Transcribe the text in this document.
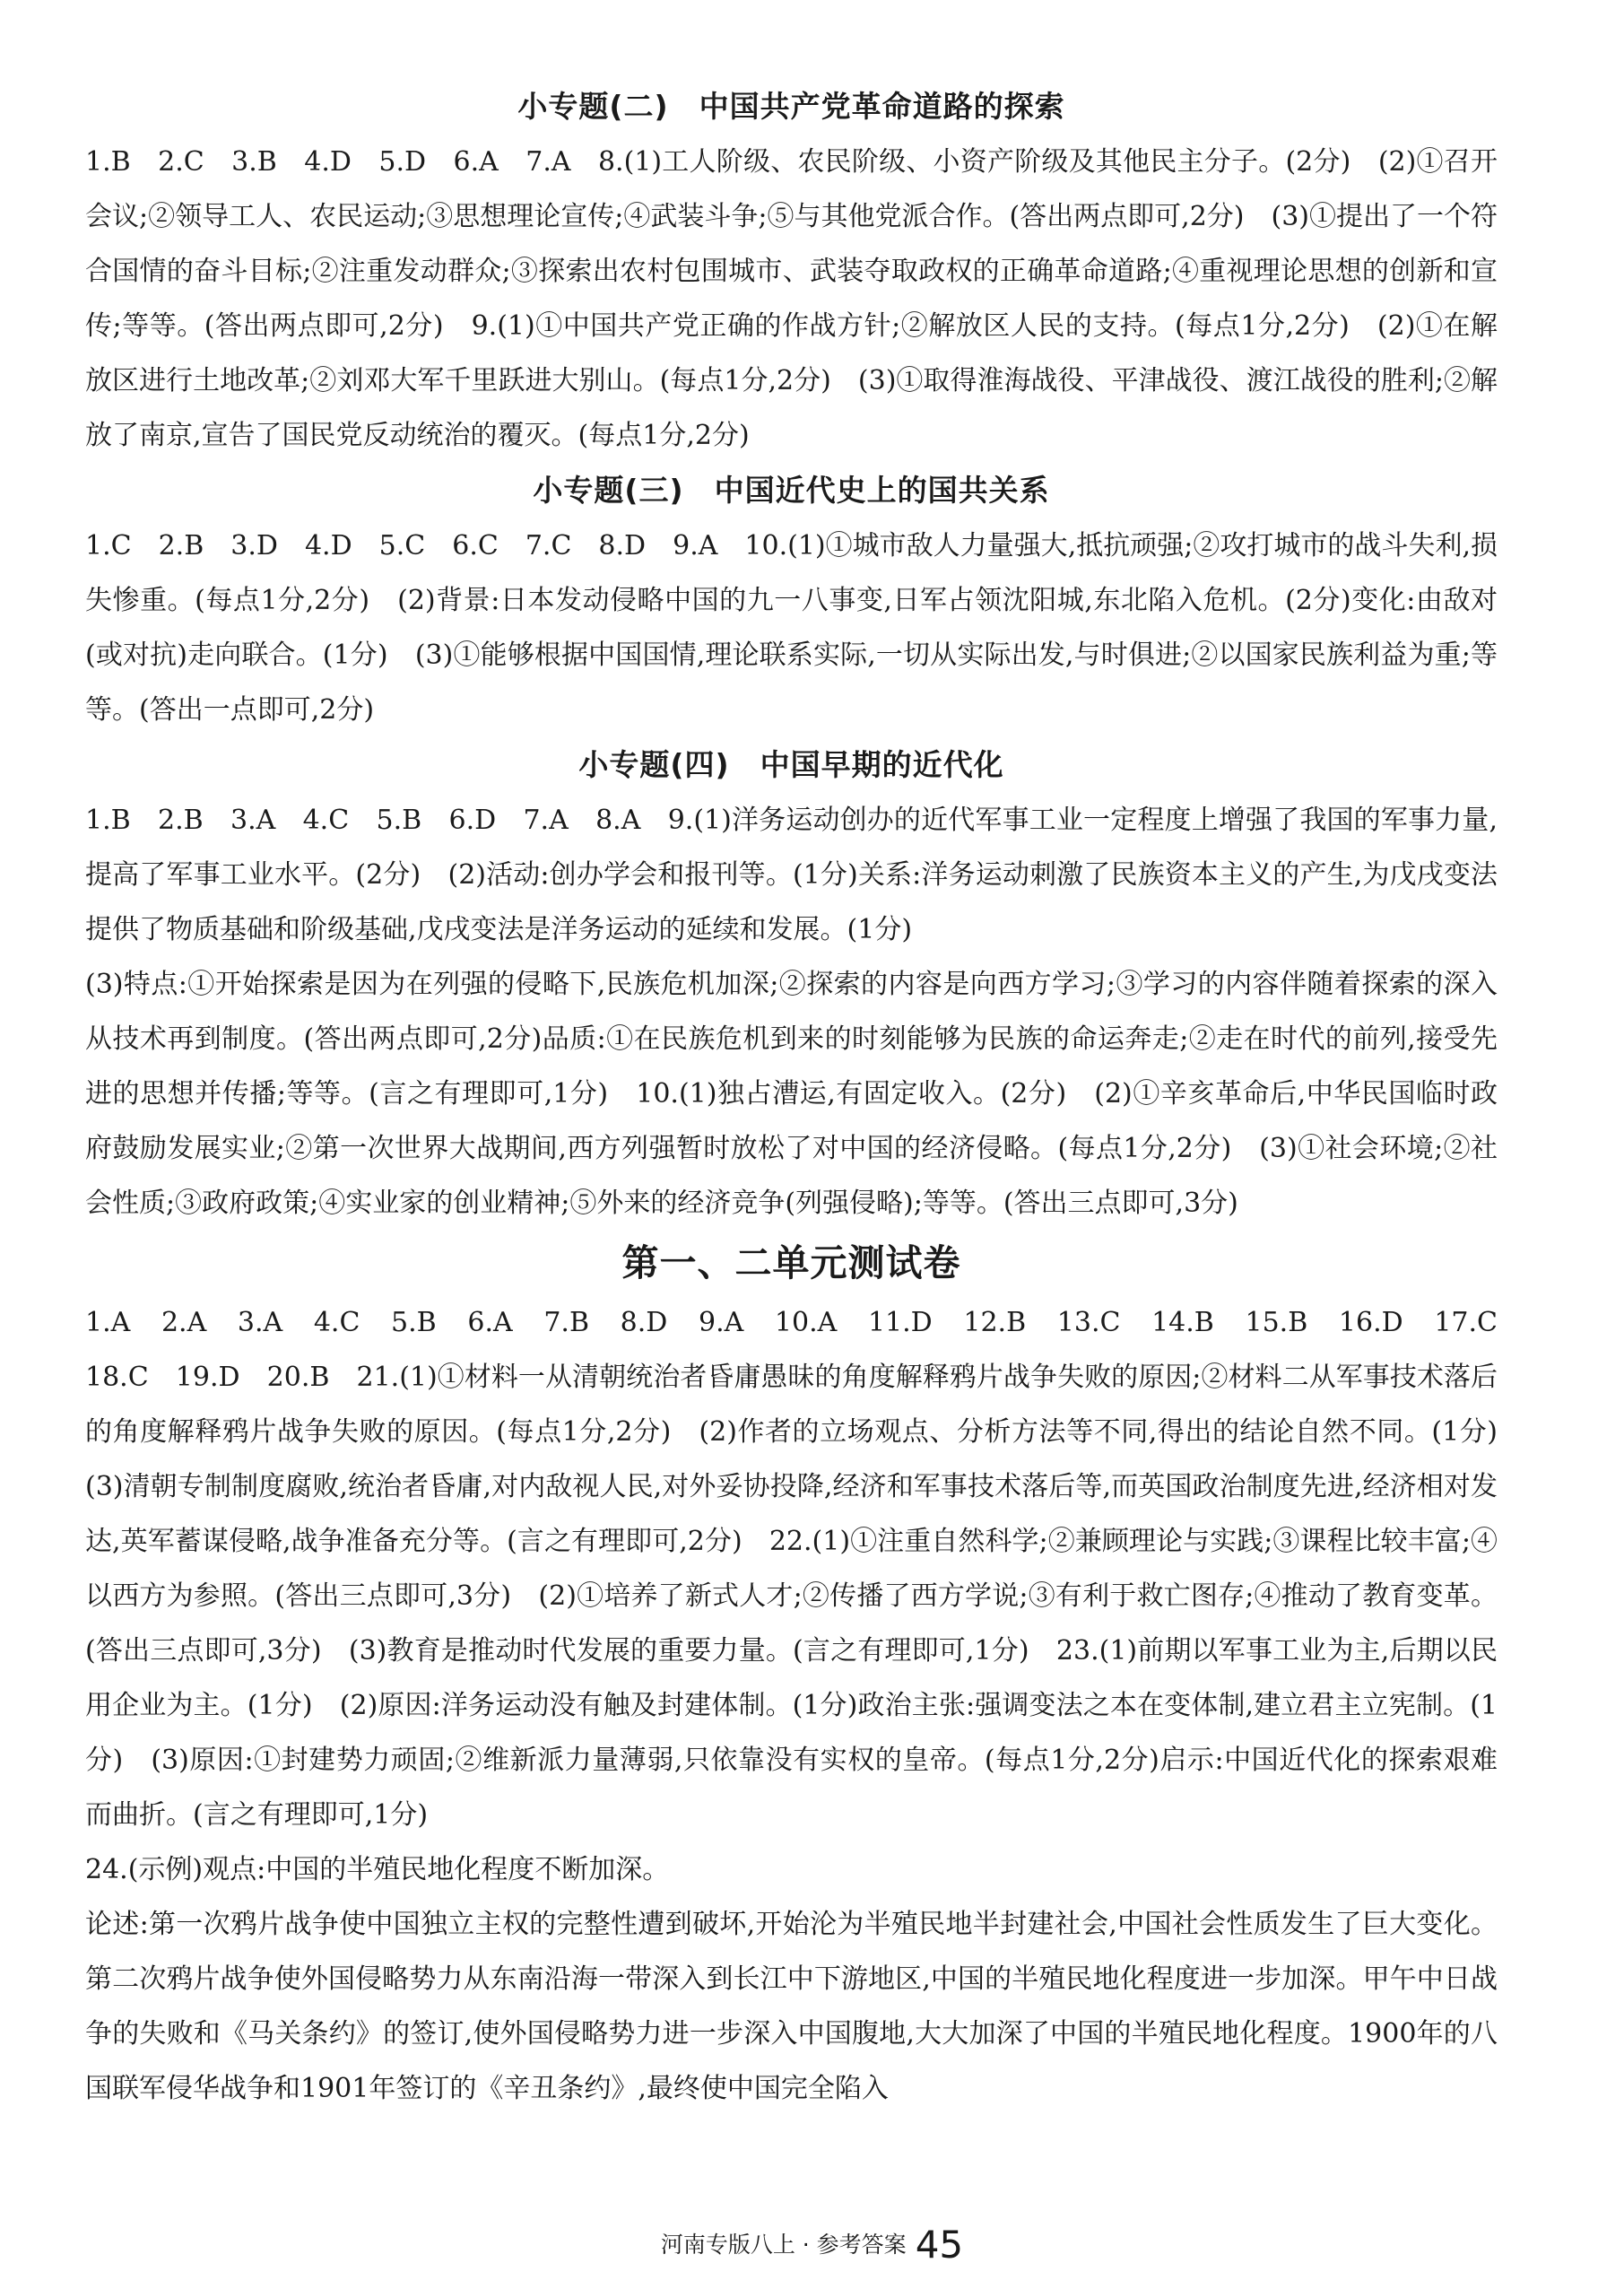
小专题(二)　中国共产党革命道路的探索

1.B　2.C　3.B　4.D　5.D　6.A　7.A　8.(1)工人阶级、农民阶级、小资产阶级及其他民主分子。(2分)　(2)①召开会议;②领导工人、农民运动;③思想理论宣传;④武装斗争;⑤与其他党派合作。(答出两点即可,2分)　(3)①提出了一个符合国情的奋斗目标;②注重发动群众;③探索出农村包围城市、武装夺取政权的正确革命道路;④重视理论思想的创新和宣传;等等。(答出两点即可,2分)　9.(1)①中国共产党正确的作战方针;②解放区人民的支持。(每点1分,2分)　(2)①在解放区进行土地改革;②刘邓大军千里跃进大别山。(每点1分,2分)　(3)①取得淮海战役、平津战役、渡江战役的胜利;②解放了南京,宣告了国民党反动统治的覆灭。(每点1分,2分)

小专题(三)　中国近代史上的国共关系

1.C　2.B　3.D　4.D　5.C　6.C　7.C　8.D　9.A　10.(1)①城市敌人力量强大,抵抗顽强;②攻打城市的战斗失利,损失惨重。(每点1分,2分)　(2)背景:日本发动侵略中国的九一八事变,日军占领沈阳城,东北陷入危机。(2分)变化:由敌对(或对抗)走向联合。(1分)　(3)①能够根据中国国情,理论联系实际,一切从实际出发,与时俱进;②以国家民族利益为重;等等。(答出一点即可,2分)

小专题(四)　中国早期的近代化

1.B　2.B　3.A　4.C　5.B　6.D　7.A　8.A　9.(1)洋务运动创办的近代军事工业一定程度上增强了我国的军事力量,提高了军事工业水平。(2分)　(2)活动:创办学会和报刊等。(1分)关系:洋务运动刺激了民族资本主义的产生,为戊戌变法提供了物质基础和阶级基础,戊戌变法是洋务运动的延续和发展。(1分)

(3)特点:①开始探索是因为在列强的侵略下,民族危机加深;②探索的内容是向西方学习;③学习的内容伴随着探索的深入从技术再到制度。(答出两点即可,2分)品质:①在民族危机到来的时刻能够为民族的命运奔走;②走在时代的前列,接受先进的思想并传播;等等。(言之有理即可,1分)　10.(1)独占漕运,有固定收入。(2分)　(2)①辛亥革命后,中华民国临时政府鼓励发展实业;②第一次世界大战期间,西方列强暂时放松了对中国的经济侵略。(每点1分,2分)　(3)①社会环境;②社会性质;③政府政策;④实业家的创业精神;⑤外来的经济竞争(列强侵略);等等。(答出三点即可,3分)

第一、二单元测试卷

1.A　2.A　3.A　4.C　5.B　6.A　7.B　8.D　9.A　10.A　11.D　12.B　13.C　14.B　15.B　16.D　17.C　18.C　19.D　20.B　21.(1)①材料一从清朝统治者昏庸愚昧的角度解释鸦片战争失败的原因;②材料二从军事技术落后的角度解释鸦片战争失败的原因。(每点1分,2分)　(2)作者的立场观点、分析方法等不同,得出的结论自然不同。(1分)　(3)清朝专制制度腐败,统治者昏庸,对内敌视人民,对外妥协投降,经济和军事技术落后等,而英国政治制度先进,经济相对发达,英军蓄谋侵略,战争准备充分等。(言之有理即可,2分)　22.(1)①注重自然科学;②兼顾理论与实践;③课程比较丰富;④以西方为参照。(答出三点即可,3分)　(2)①培养了新式人才;②传播了西方学说;③有利于救亡图存;④推动了教育变革。(答出三点即可,3分)　(3)教育是推动时代发展的重要力量。(言之有理即可,1分)　23.(1)前期以军事工业为主,后期以民用企业为主。(1分)　(2)原因:洋务运动没有触及封建体制。(1分)政治主张:强调变法之本在变体制,建立君主立宪制。(1分)　(3)原因:①封建势力顽固;②维新派力量薄弱,只依靠没有实权的皇帝。(每点1分,2分)启示:中国近代化的探索艰难而曲折。(言之有理即可,1分)

24.(示例)观点:中国的半殖民地化程度不断加深。

论述:第一次鸦片战争使中国独立主权的完整性遭到破坏,开始沦为半殖民地半封建社会,中国社会性质发生了巨大变化。第二次鸦片战争使外国侵略势力从东南沿海一带深入到长江中下游地区,中国的半殖民地化程度进一步加深。甲午中日战争的失败和《马关条约》的签订,使外国侵略势力进一步深入中国腹地,大大加深了中国的半殖民地化程度。1900年的八国联军侵华战争和1901年签订的《辛丑条约》,最终使中国完全陷入

河南专版八上 · 参考答案 45
